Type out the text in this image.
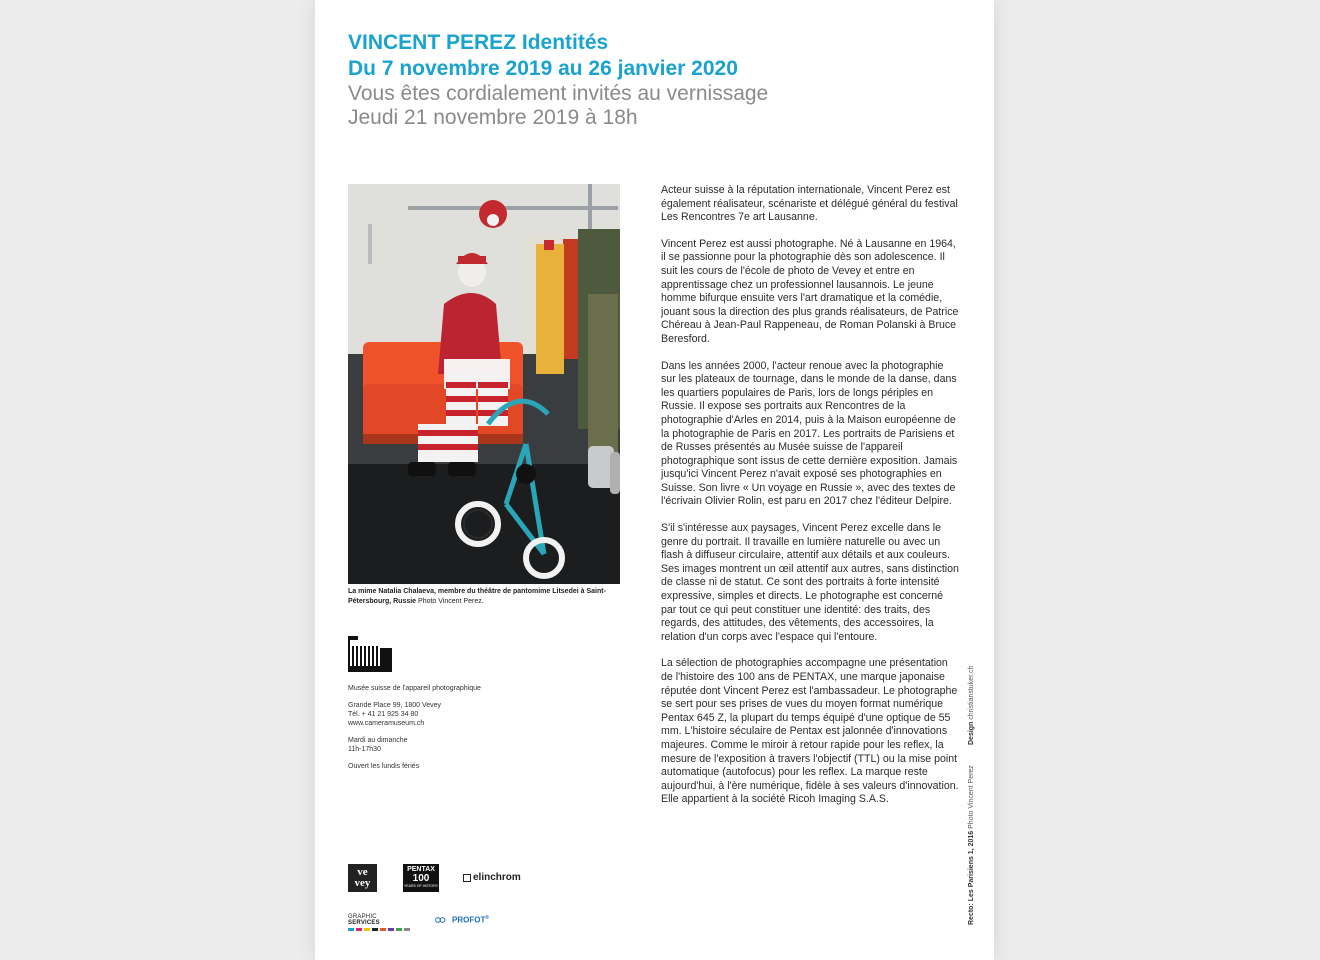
VINCENT PEREZ Identités

Du 7 novembre 2019 au 26 janvier 2020

Vous êtes cordialement invités au vernissage

Jeudi 21 novembre 2019 à 18h

La mime Natalia Chalaeva, membre du théâtre de pantomime Litsedei à Saint-Pétersbourg, Russie Photo Vincent Perez.

Musée suisse de l'appareil photographique

Grande Place 99, 1800 Vevey
Tél. + 41 21 925 34 80
www.cameramuseum.ch

Mardi au dimanche
11h-17h30

Ouvert les lundis fériés

Acteur suisse à la réputation internationale, Vincent Perez est également réalisateur, scénariste et délégué général du festival Les Rencontres 7e art Lausanne.

Vincent Perez est aussi photographe. Né à Lausanne en 1964, il se passionne pour la photographie dès son adolescence. Il suit les cours de l'école de photo de Vevey et entre en apprentissage chez un professionnel lausannois. Le jeune homme bifurque ensuite vers l'art dramatique et la comédie, jouant sous la direction des plus grands réalisateurs, de Patrice Chéreau à Jean-Paul Rappeneau, de Roman Polanski à Bruce Beresford.

Dans les années 2000, l'acteur renoue avec la photographie sur les plateaux de tournage, dans le monde de la danse, dans les quartiers populaires de Paris, lors de longs périples en Russie. Il expose ses portraits aux Rencontres de la photographie d'Arles en 2014, puis à la Maison européenne de la photographie de Paris en 2017. Les portraits de Parisiens et de Russes présentés au Musée suisse de l'appareil photographique sont issus de cette dernière exposition. Jamais jusqu'ici Vincent Perez n'avait exposé ses photographies en Suisse. Son livre « Un voyage en Russie », avec des textes de l'écrivain Olivier Rolin, est paru en 2017 chez l'éditeur Delpire.

S'il s'intéresse aux paysages, Vincent Perez excelle dans le genre du portrait. Il travaille en lumière naturelle ou avec un flash à diffuseur circulaire, attentif aux détails et aux couleurs. Ses images montrent un œil attentif aux autres, sans distinction de classe ni de statut. Ce sont des portraits à forte intensité expressive, simples et directs. Le photographe est concerné par tout ce qui peut constituer une identité: des traits, des regards, des attitudes, des vêtements, des accessoires, la relation d'un corps avec l'espace qui l'entoure.

La sélection de photographies accompagne une présentation de l'histoire des 100 ans de PENTAX, une marque japonaise réputée dont Vincent Perez est l'ambassadeur. Le photographe se sert pour ses prises de vues du moyen format numérique Pentax 645 Z, la plupart du temps équipé d'une optique de 55 mm. L'histoire séculaire de Pentax est jalonnée d'innovations majeures. Comme le miroir à retour rapide pour les reflex, la mesure de l'exposition à travers l'objectif (TTL) ou la mise point automatique (autofocus) pour les reflex. La marque reste aujourd'hui, à l'ère numérique, fidèle à ses valeurs d'innovation. Elle appartient à la société Ricoh Imaging S.A.S.

ve
vey
PENTAX
100
YEARS OF HISTORY
elinchrom
GRAPHIC SERVICES	PROFOT®
Design christianstuker.ch
Recto: Les Parisiens 1, 2016 Photo Vincent Perez
